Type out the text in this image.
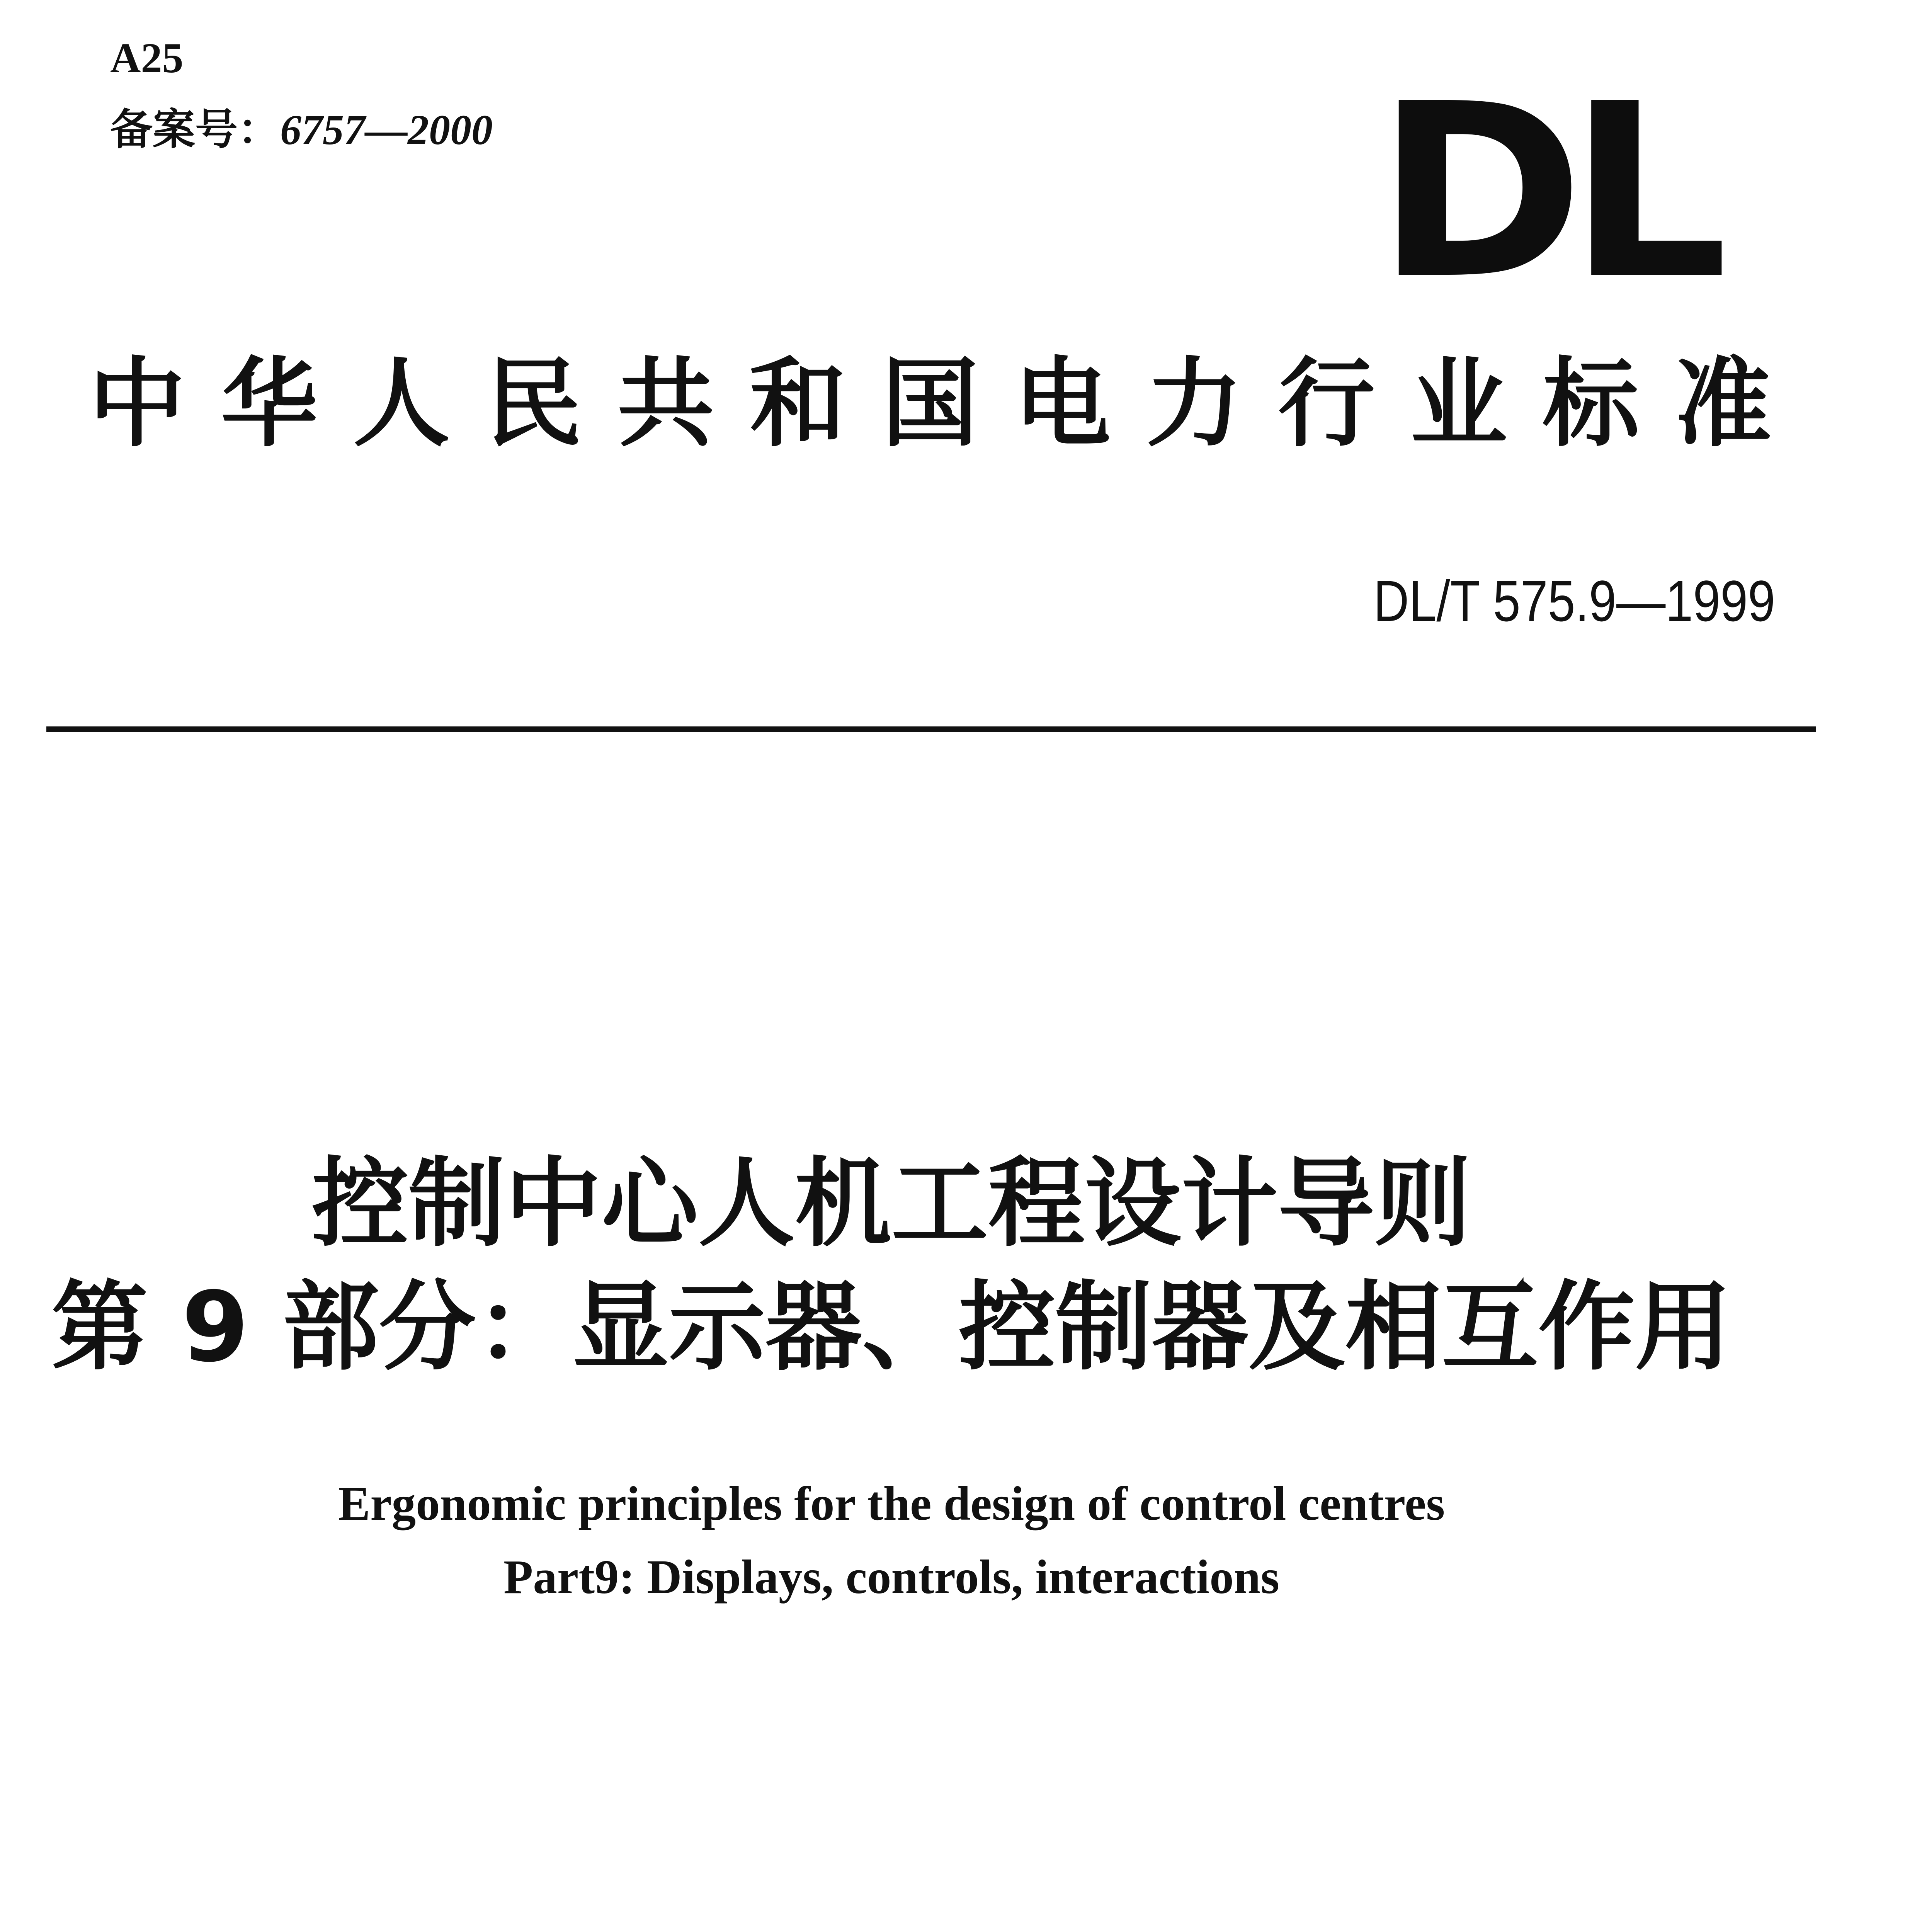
A25
备案号：6757—2000	DL
中华人民共和国电力行业标准
DL/T 575.9—1999
控制中心人机工程设计导则
第 9 部分：显示器、控制器及相互作用
Ergonomic principles for the design of control centres
Part9: Displays, controls, interactions
